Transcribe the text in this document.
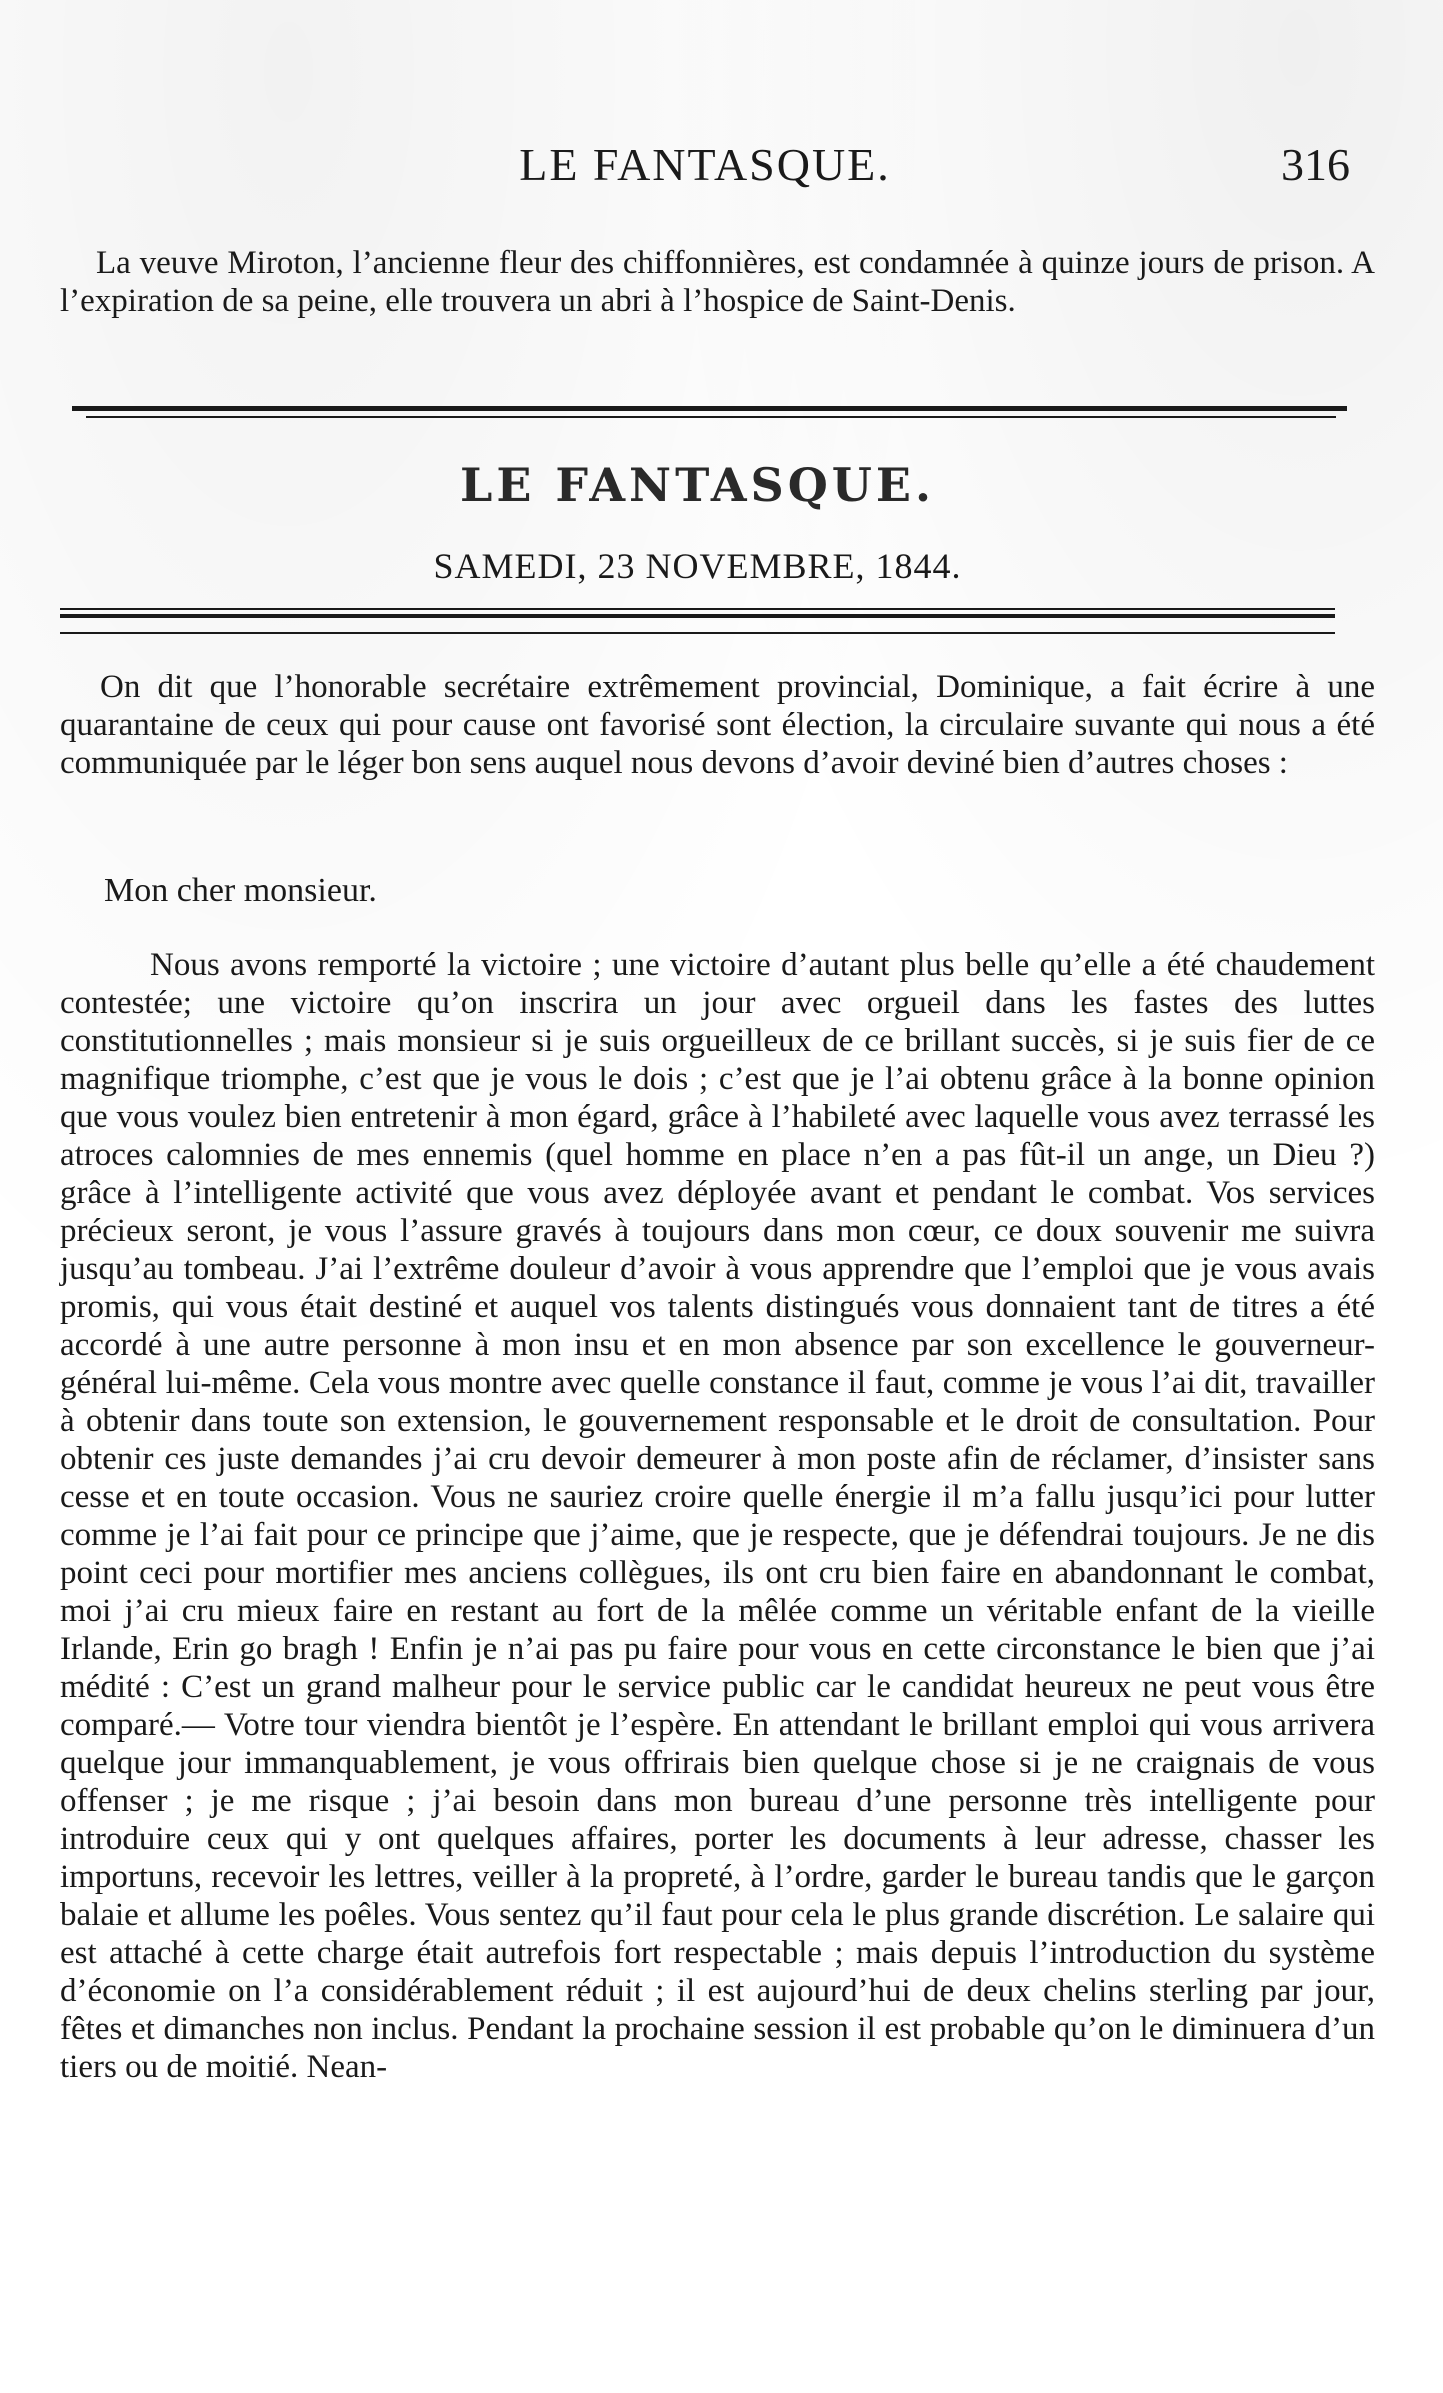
LE FANTASQUE.	316

La veuve Miroton, l’ancienne fleur des chiffonnières, est condamnée à quinze jours de prison. A l’expiration de sa peine, elle trouvera un abri à l’hospice de Saint-Denis.

LE FANTASQUE.
SAMEDI, 23 NOVEMBRE, 1844.

On dit que l’honorable secrétaire extrêmement provincial, Dominique, a fait écrire à une quarantaine de ceux qui pour cause ont favorisé sont élection, la circulaire suvante qui nous a été communiquée par le léger bon sens auquel nous devons d’avoir deviné bien d’autres choses :

Mon cher monsieur.

Nous avons remporté la victoire ; une victoire d’autant plus belle qu’elle a été chaudement contestée; une victoire qu’on inscrira un jour avec orgueil dans les fastes des luttes constitutionnelles ; mais monsieur si je suis orgueilleux de ce brillant succès, si je suis fier de ce magnifique triomphe, c’est que je vous le dois ; c’est que je l’ai obtenu grâce à la bonne opinion que vous voulez bien entretenir à mon égard, grâce à l’habileté avec laquelle vous avez terrassé les atroces calomnies de mes ennemis (quel homme en place n’en a pas fût-il un ange, un Dieu ?) grâce à l’intelligente activité que vous avez déployée avant et pendant le combat. Vos services précieux seront, je vous l’assure gravés à toujours dans mon cœur, ce doux souvenir me suivra jusqu’au tombeau. J’ai l’extrême douleur d’avoir à vous apprendre que l’emploi que je vous avais promis, qui vous était destiné et auquel vos talents distingués vous donnaient tant de titres a été accordé à une autre personne à mon insu et en mon absence par son excellence le gouverneur-général lui-même. Cela vous montre avec quelle constance il faut, comme je vous l’ai dit, travailler à obtenir dans toute son extension, le gouvernement responsable et le droit de consultation. Pour obtenir ces juste demandes j’ai cru devoir demeurer à mon poste afin de réclamer, d’insister sans cesse et en toute occasion. Vous ne sauriez croire quelle énergie il m’a fallu jusqu’ici pour lutter comme je l’ai fait pour ce principe que j’aime, que je respecte, que je défendrai toujours. Je ne dis point ceci pour mortifier mes anciens collègues, ils ont cru bien faire en abandonnant le combat, moi j’ai cru mieux faire en restant au fort de la mêlée comme un véritable enfant de la vieille Irlande, Erin go bragh ! Enfin je n’ai pas pu faire pour vous en cette circonstance le bien que j’ai médité : C’est un grand malheur pour le service public car le candidat heureux ne peut vous être comparé.— Votre tour viendra bientôt je l’espère. En attendant le brillant emploi qui vous arrivera quelque jour immanquablement, je vous offrirais bien quelque chose si je ne craignais de vous offenser ; je me risque ; j’ai besoin dans mon bureau d’une personne très intelligente pour introduire ceux qui y ont quelques affaires, porter les documents à leur adresse, chasser les importuns, recevoir les lettres, veiller à la propreté, à l’ordre, garder le bureau tandis que le garçon balaie et allume les poêles. Vous sentez qu’il faut pour cela le plus grande discrétion. Le salaire qui est attaché à cette charge était autrefois fort respectable ; mais depuis l’introduction du système d’économie on l’a considérablement réduit ; il est aujourd’hui de deux chelins sterling par jour, fêtes et dimanches non inclus. Pendant la prochaine session il est probable qu’on le diminuera d’un tiers ou de moitié. Nean-
